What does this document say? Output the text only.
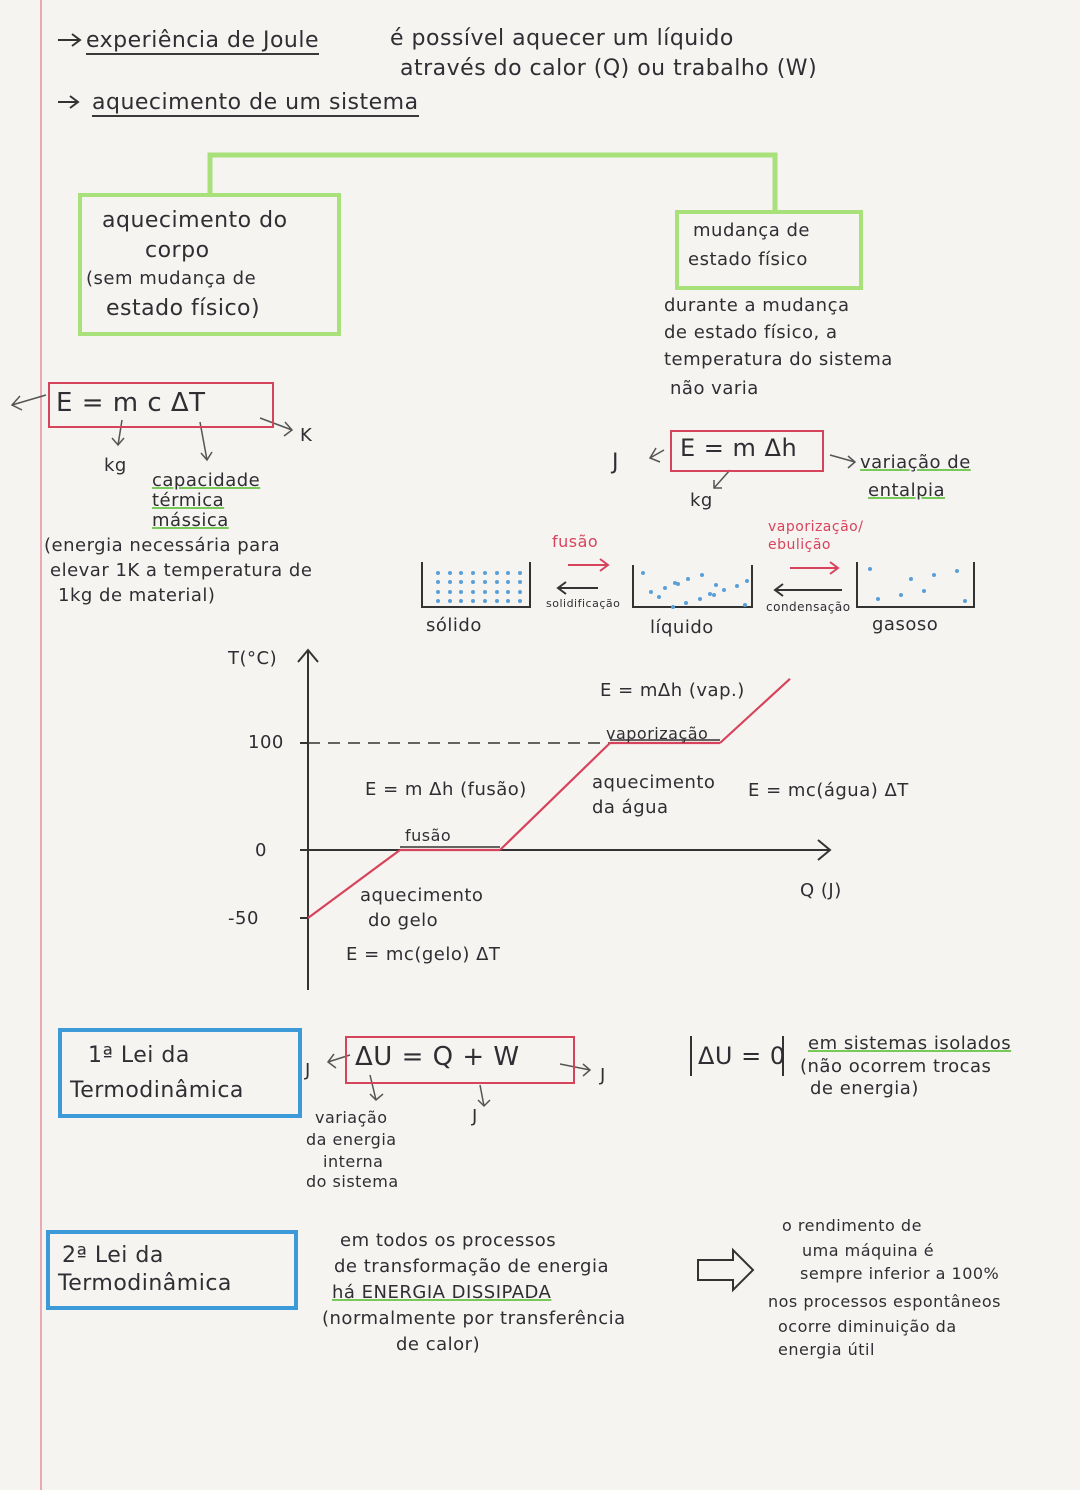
experiência de Joule	é possível aquecer um líquido
através do calor (Q) ou trabalho (W)
aquecimento de um sistema
aquecimento do
corpo
(sem mudança de
estado físico)
E = m c ΔT
K
kg
capacidade
térmica
mássica
(energia necessária para
elevar 1K a temperatura de
1kg de material)
mudança de
estado físico
durante a mudança
de estado físico, a
temperatura do sistema
não varia
E = m Δh
J
kg
variação de
entalpia
sólido	líquido	gasoso
fusão
solidificação
vaporização/ ebulição
condensação
T(°C)
100
0
-50
Q (J)
aquecimento
do gelo
E = mc(gelo) ΔT
fusão
E = m Δh (fusão)	aquecimento
da água
E = mc(água) ΔT
E = mΔh (vap.)
vaporização
1ª Lei da
Termodinâmica
ΔU = Q + W
J	J
J
variação
da energia
interna
do sistema
ΔU = 0 em sistemas isolados
(não ocorrem trocas
de energia)
2ª Lei da
Termodinâmica
em todos os processos
de transformação de energia
há ENERGIA DISSIPADA
(normalmente por transferência
de calor)
o rendimento de
uma máquina é
sempre inferior a 100%
nos processos espontâneos
ocorre diminuição da
energia útil
